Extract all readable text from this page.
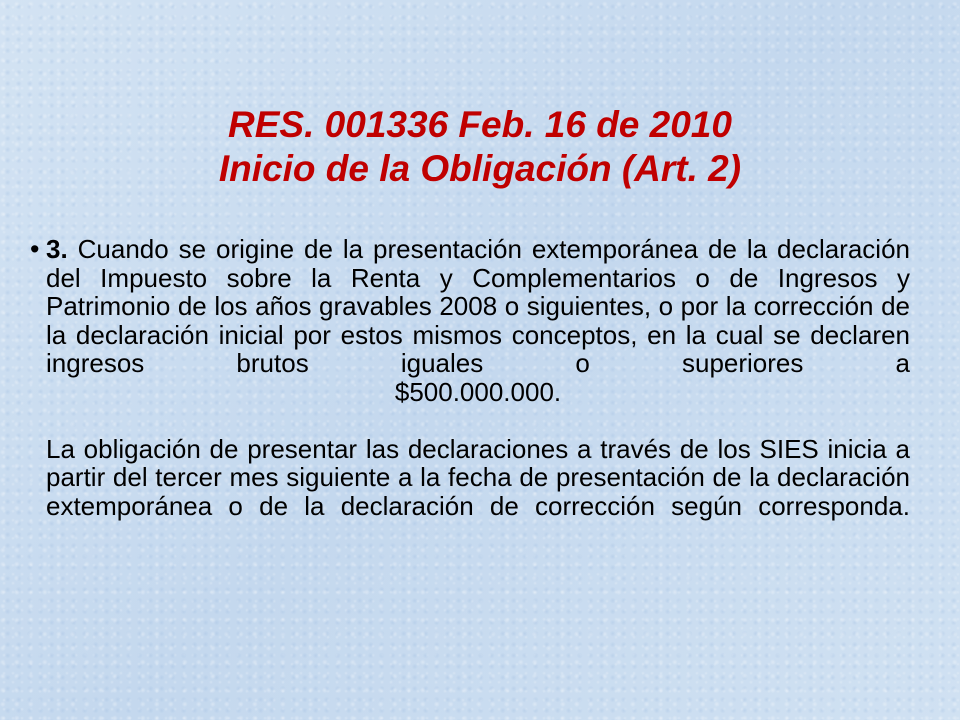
RES. 001336 Feb. 16 de 2010
Inicio de la Obligación (Art. 2)
• 3. Cuando se origine de la presentación extemporánea de la declaración del Impuesto sobre la Renta y Complementarios o de Ingresos y Patrimonio de los años gravables 2008 o siguientes, o por la corrección de la declaración inicial por estos mismos conceptos, en la cual se declaren ingresos brutos iguales o superiores a
$500.000.000.
La obligación de presentar las declaraciones a través de los SIES inicia a partir del tercer mes siguiente a la fecha de presentación de la declaración extemporánea o de la declaración de corrección según corresponda.
